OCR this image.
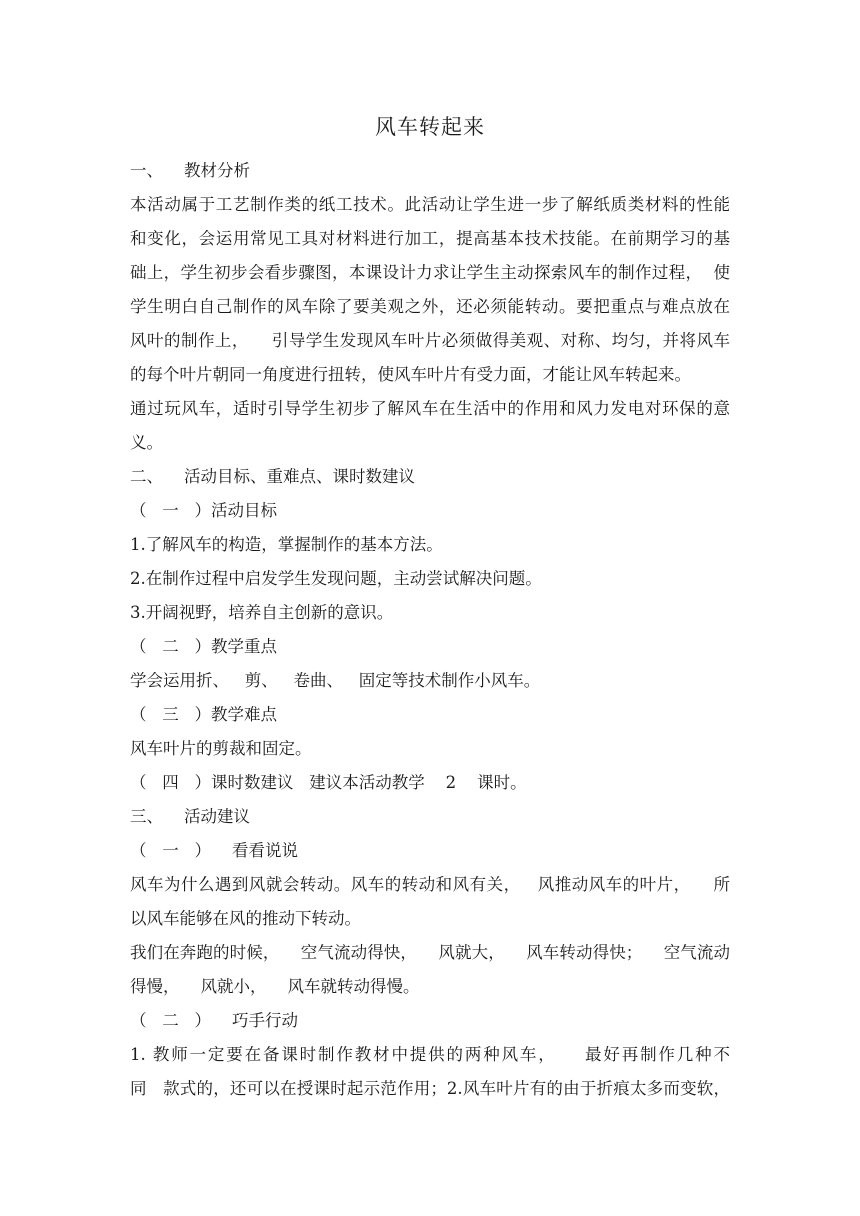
风车转起来
一、    教材分析
本活动属于工艺制作类的纸工技术。此活动让学生进一步了解纸质类材料的性能
和变化，会运用常见工具对材料进行加工，提高基本技术技能。在前期学习的基
础上，学生初步会看步骤图，本课设计力求让学生主动探索风车的制作过程，  使
学生明白自己制作的风车除了要美观之外，还必须能转动。要把重点与难点放在
风叶的制作上，    引导学生发现风车叶片必须做得美观、对称、均匀，并将风车
的每个叶片朝同一角度进行扭转，使风车叶片有受力面，才能让风车转起来。
通过玩风车，适时引导学生初步了解风车在生活中的作用和风力发电对环保的意
义。
二、    活动目标、重难点、课时数建议
（   一   ）活动目标
1.了解风车的构造，掌握制作的基本方法。
2.在制作过程中启发学生发现问题，主动尝试解决问题。
3.开阔视野，培养自主创新的意识。
（   二   ）教学重点
学会运用折、   剪、   卷曲、   固定等技术制作小风车。
（   三   ）教学难点
风车叶片的剪裁和固定。
（   四   ）课时数建议   建议本活动教学    2    课时。
三、    活动建议
（   一   ）    看看说说
风车为什么遇到风就会转动。风车的转动和风有关，   风推动风车的叶片，    所
以风车能够在风的推动下转动。
我们在奔跑的时候，    空气流动得快，    风就大，    风车转动得快；    空气流动
得慢，    风就小，    风车就转动得慢。
（   二   ）    巧手行动
1. 教师一定要在备课时制作教材中提供的两种风车，    最好再制作几种不
同   款式的，还可以在授课时起示范作用；2.风车叶片有的由于折痕太多而变软，
